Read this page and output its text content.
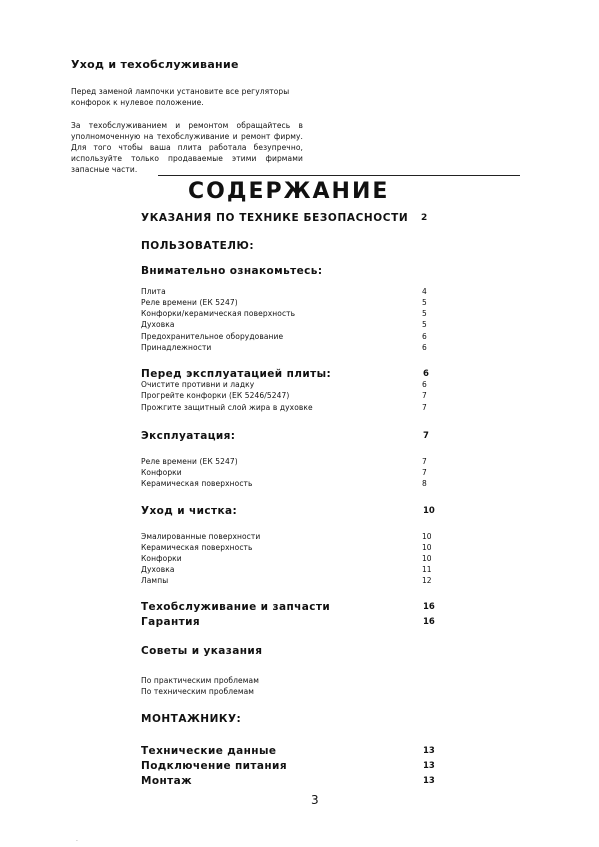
Уход и техобслуживание
Перед заменой лампочки установите все регуляторы конфорок к нулевое положение.
За техобслуживанием и ремонтом обращайтесь в уполномоченную на техобслуживание и ремонт фирму. Для того чтобы ваша плита работала безупречно, используйте только продаваемые этими фирмами запасные части.
СОДЕРЖАНИЕ
УКАЗАНИЯ ПО ТЕХНИКЕ БЕЗОПАСНОСТИ 2
ПОЛЬЗОВАТЕЛЮ:
Внимательно ознакомьтесь:
Плита	4
Реле времени (ЕК 5247)	5
Конфорки/керамическая поверхность	5
Духовка	5
Предохранительное оборудование	6
Принадлежности	6
Перед эксплуатацией плиты:	6
Очистите противни и ладку	6
Прогрейте конфорки (ЕК 5246/5247)	7
Прожгите защитный слой жира в духовке	7
Эксплуатация:	7
Реле времени (ЕК 5247)	7
Конфорки	7
Керамическая поверхность	8
Уход и чистка:	10
Эмалированные поверхности	10
Керамическая поверхность	10
Конфорки	10
Духовка	11
Лампы	12
Техобслуживание и запчасти	16
Гарантия	16
Советы и указания
По практическим проблемам
По техническим проблемам
МОНТАЖНИКУ:
Технические данные	13
Подключение питания	13
Монтаж	13
3
·
